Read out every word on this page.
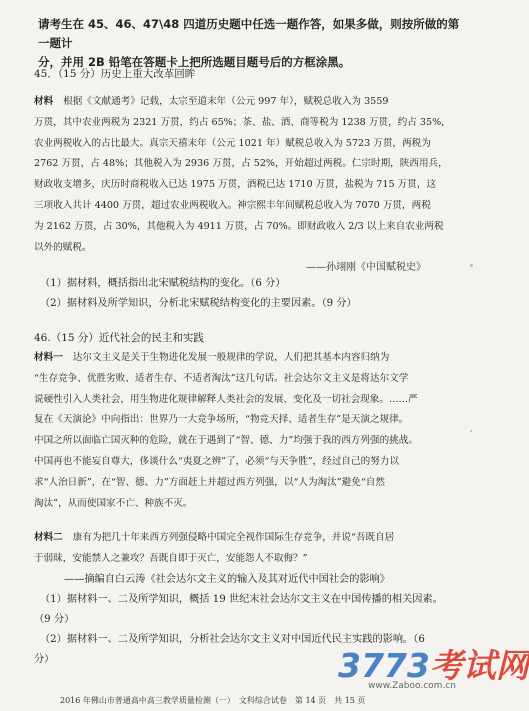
请考生在 45、46、47\48 四道历史题中任选一题作答，如果多做，则按所做的第一题计
分，并用 2B 铅笔在答题卡上把所选题目题号后的方框涂黑。
45．（15 分）历史上重大改革回眸
材料 根据《文献通考》记载，太宗至道末年（公元 997 年），赋税总收入为 3559
万贯，其中农业两税为 2321 万贯，约占 65%；茶、盐、酒、商等税为 1238 万贯，约占 35%，
农业两税收入的占比最大。真宗天禧末年（公元 1021 年）赋税总收入为 5723 万贯，两税为
2762 万贯，占 48%；其他税入为 2936 万贯，占 52%，开始超过两税。仁宗时期，陕西用兵，
财政收支增多，庆历时商税收入已达 1975 万贯，酒税已达 1710 万贯，盐税为 715 万贯，这
三项收入共计 4400 万贯，超过农业两税收入。神宗熙丰年间赋税总收入为 7070 万贯，两税
为 2162 万贯，占 30%，其他税入为 4911 万贯，占 70%。即财政收入 2/3 以上来自农业两税
以外的赋税。
——孙翊刚《中国赋税史》
（1）据材料，概括指出北宋赋税结构的变化。（6 分）
（2）据材料及所学知识，分析北宋赋税结构变化的主要因素。（9 分）
46.（15 分）近代社会的民主和实践
材料一 达尔文主义是关于生物进化发展一般规律的学说，人们把其基本内容归纳为
“生存竞争、优胜劣败、适者生存、不适者淘汰”这几句话。社会达尔文主义是将达尔文学
说硬性引入人类社会，用生物进化规律解释人类社会的发展、变化及一切社会现象。……严
复在《天演论》中向指出：世界乃一大竞争场所，“物竞天择、适者生存”是天演之规律。
中国之所以面临亡国灭种的危险，就在于遇到了“智、德、力”均强于我的西方列强的挑战。
中国再也不能妄自尊大，侈谈什么“夷夏之辨”了，必须“与天争胜”，经过自己的努力以
求“人治日新”，在“智、德、力”方面赶上并超过西方列强，以“人为淘汰”避免“自然
淘汰”，从而使国家不亡、种族不灭。
材料二 康有为把几十年来西方列强侵略中国完全视作国际生存竞争，并说“吾既自居
于弱昧，安能禁人之兼攻？吾既自即于灭亡，安能怨人不取侮？”
——摘编自白云涛《社会达尔文主义的输入及其对近代中国社会的影响》
（1）据材料一、二及所学知识，概括 19 世纪末社会达尔文主义在中国传播的相关因素。
（9 分）
（2）据材料一、二及所学知识，分析社会达尔文主义对中国近代民主实践的影响。（6
分）	3773考试网
www.Zaboo.com.cn
2016 年佛山市普通高中高三教学质量检测（一）　文科综合试卷　第 14 页　共 15 页
